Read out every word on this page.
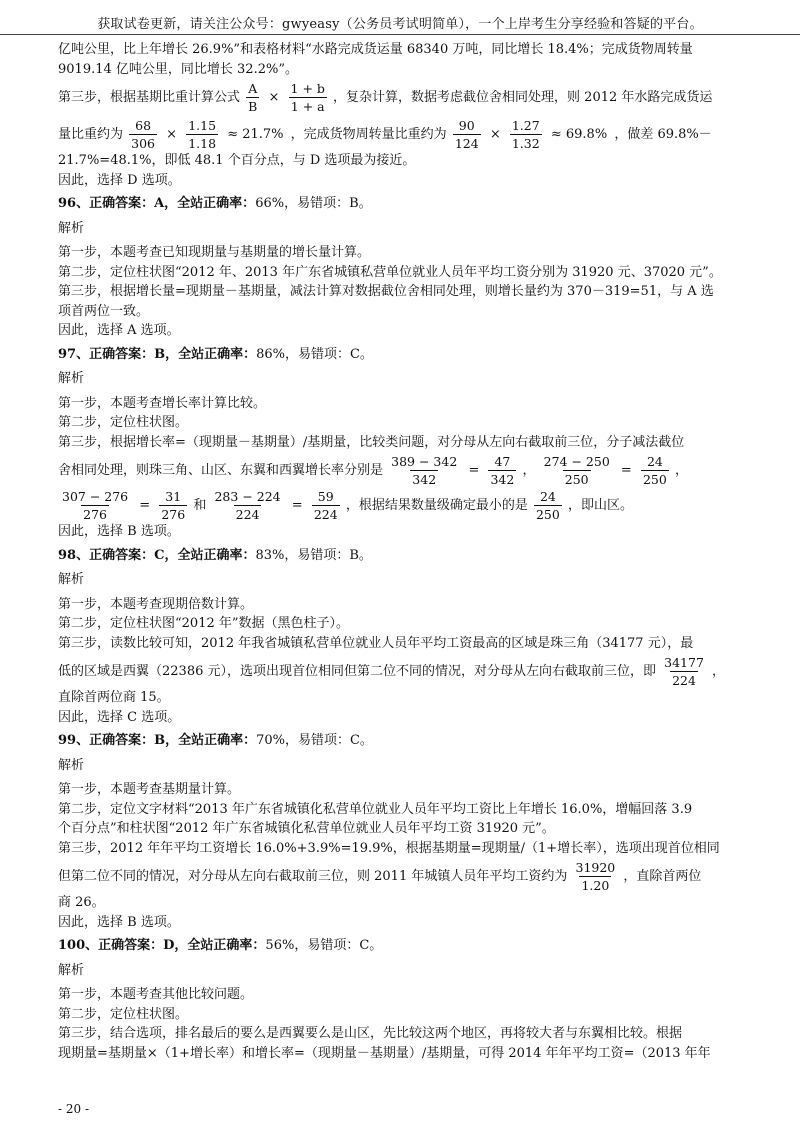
获取试卷更新，请关注公众号：gwyeasy（公务员考试明简单），一个上岸考生分享经验和答疑的平台。

亿吨公里，比上年增长 26.9%”和表格材料“水路完成货运量 68340 万吨，同比增长 18.4%；完成货物周转量

9019.14 亿吨公里，同比增长 32.2%”。

第三步，根据基期比重计算公式 $\frac{A}{B} \times \frac{1 + b}{1 + a}$ ，复杂计算，数据考虑截位舍相同处理，则 2012 年水路完成货运

量比重约为 $\frac{68}{306} \times \frac{1.15}{1.18} \approx 21.7\%$ ，完成货物周转量比重约为 $\frac{90}{124} \times \frac{1.27}{1.32} \approx 69.8\%$ ，做差 69.8%－

21.7%=48.1%，即低 48.1 个百分点，与 D 选项最为接近。

因此，选择 D 选项。

96、正确答案：A，全站正确率：66%，易错项：B。

解析

第一步，本题考查已知现期量与基期量的增长量计算。

第二步，定位柱状图“2012 年、2013 年广东省城镇私营单位就业人员年平均工资分别为 31920 元、37020 元”。

第三步，根据增长量=现期量－基期量，减法计算对数据截位舍相同处理，则增长量约为 370－319=51，与 A 选

项首两位一致。

因此，选择 A 选项。

97、正确答案：B，全站正确率：86%，易错项：C。

解析

第一步，本题考查增长率计算比较。

第二步，定位柱状图。

第三步，根据增长率=（现期量－基期量）/基期量，比较类问题，对分母从左向右截取前三位，分子减法截位

舍相同处理，则珠三角、山区、东翼和西翼增长率分别是 $\frac{389 - 342}{342} = \frac{47}{342}$ ， $\frac{274 - 250}{250} = \frac{24}{250}$ ，

$\frac{307 - 276}{276} = \frac{31}{276}$ 和 $\frac{283 - 224}{224} = \frac{59}{224}$ ，根据结果数量级确定最小的是 $\frac{24}{250}$ ，即山区。

因此，选择 B 选项。

98、正确答案：C，全站正确率：83%，易错项：B。

解析

第一步，本题考查现期倍数计算。

第二步，定位柱状图“2012 年”数据（黑色柱子）。

第三步，读数比较可知，2012 年我省城镇私营单位就业人员年平均工资最高的区域是珠三角（34177 元），最

低的区域是西翼（22386 元），选项出现首位相同但第二位不同的情况，对分母从左向右截取前三位，即 $\frac{34177}{224}$ ，

直除首两位商 15。

因此，选择 C 选项。

99、正确答案：B，全站正确率：70%，易错项：C。

解析

第一步，本题考查基期量计算。

第二步，定位文字材料“2013 年广东省城镇化私营单位就业人员年平均工资比上年增长 16.0%，增幅回落 3.9

个百分点”和柱状图“2012 年广东省城镇化私营单位就业人员年平均工资 31920 元”。

第三步，2012 年年平均工资增长 16.0%+3.9%=19.9%，根据基期量=现期量/（1+增长率），选项出现首位相同

但第二位不同的情况，对分母从左向右截取前三位，则 2011 年城镇人员年平均工资约为 $\frac{31920}{1.20}$ ，直除首两位

商 26。

因此，选择 B 选项。

100、正确答案：D，全站正确率：56%，易错项：C。

解析

第一步，本题考查其他比较问题。

第二步，定位柱状图。

第三步，结合选项，排名最后的要么是西翼要么是山区，先比较这两个地区，再将较大者与东翼相比较。根据

现期量=基期量×（1+增长率）和增长率=（现期量－基期量）/基期量，可得 2014 年年平均工资=（2013 年年

- 20 -
